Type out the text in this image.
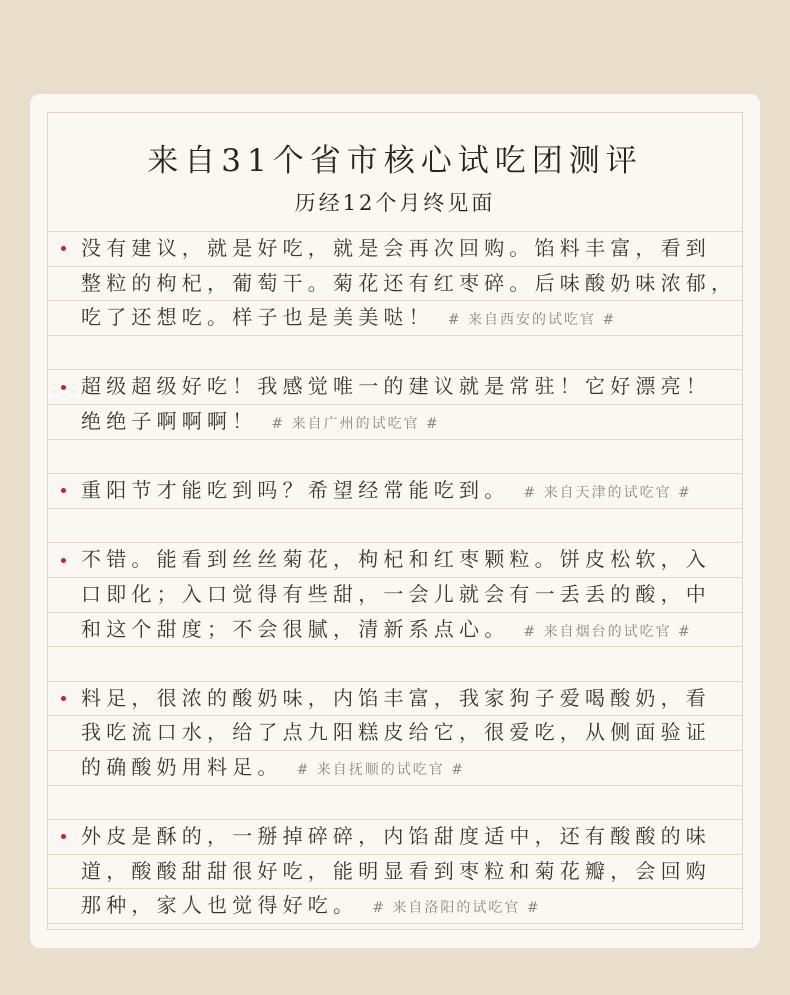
来自31个省市核心试吃团测评
历经12个月终见面
没有建议，就是好吃，就是会再次回购。馅料丰富，看到
整粒的枸杞，葡萄干。菊花还有红枣碎。后味酸奶味浓郁，
吃了还想吃。样子也是美美哒！ # 来自西安的试吃官 #
超级超级好吃！我感觉唯一的建议就是常驻！它好漂亮！
绝绝子啊啊啊！ # 来自广州的试吃官 #
重阳节才能吃到吗？希望经常能吃到。 # 来自天津的试吃官 #
不错。能看到丝丝菊花，枸杞和红枣颗粒。饼皮松软，入
口即化；入口觉得有些甜，一会儿就会有一丢丢的酸，中
和这个甜度；不会很腻，清新系点心。 # 来自烟台的试吃官 #
料足，很浓的酸奶味，内馅丰富，我家狗子爱喝酸奶，看
我吃流口水，给了点九阳糕皮给它，很爱吃，从侧面验证
的确酸奶用料足。 # 来自抚顺的试吃官 #
外皮是酥的，一掰掉碎碎，内馅甜度适中，还有酸酸的味
道，酸酸甜甜很好吃，能明显看到枣粒和菊花瓣，会回购
那种，家人也觉得好吃。 # 来自洛阳的试吃官 #
